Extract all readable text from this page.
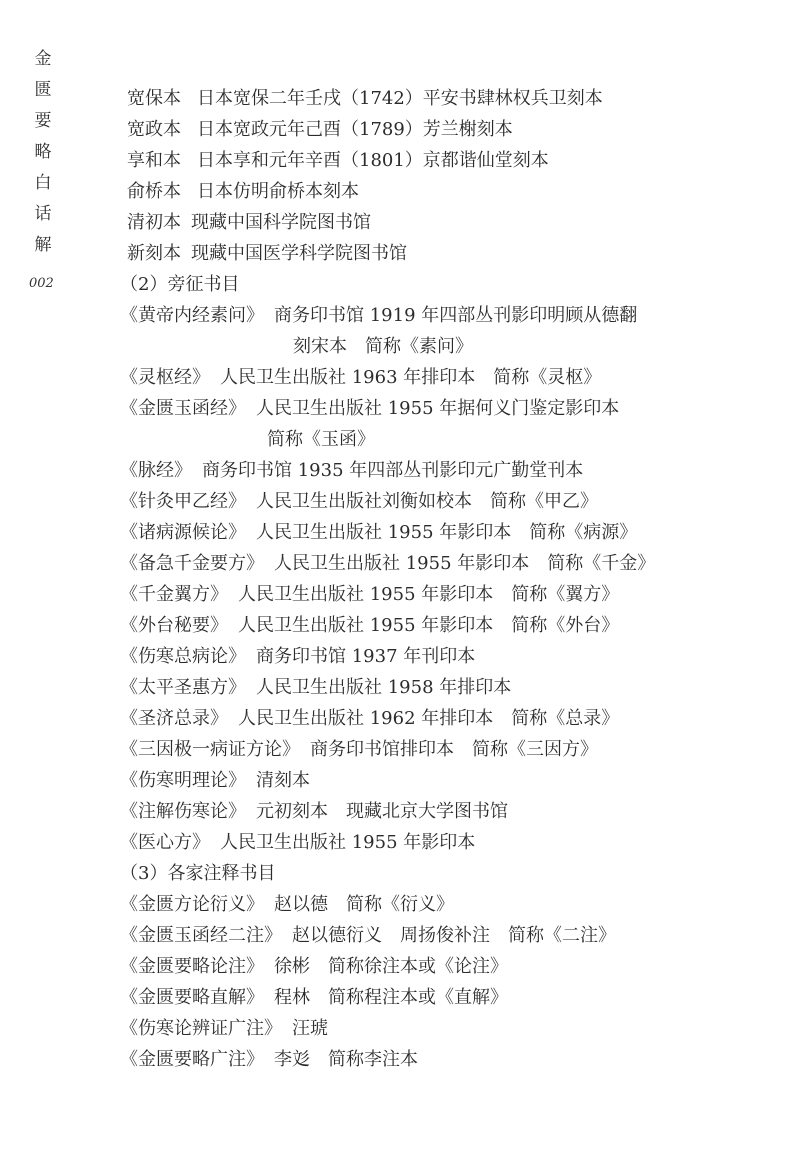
金
匮
要
略
白
话
解
002
宽保本 日本宽保二年壬戌（1742）平安书肆林权兵卫刻本
宽政本 日本宽政元年己酉（1789）芳兰榭刻本
享和本 日本享和元年辛酉（1801）京都谐仙堂刻本
俞桥本 日本仿明俞桥本刻本
清初本 现藏中国科学院图书馆
新刻本 现藏中国医学科学院图书馆
（2）旁征书目
《黄帝内经素问》 商务印书馆 1919 年四部丛刊影印明顾从德翻
刻宋本　简称《素问》
《灵枢经》 人民卫生出版社 1963 年排印本　简称《灵枢》
《金匮玉函经》 人民卫生出版社 1955 年据何义门鉴定影印本
简称《玉函》
《脉经》 商务印书馆 1935 年四部丛刊影印元广勤堂刊本
《针灸甲乙经》 人民卫生出版社刘衡如校本　简称《甲乙》
《诸病源候论》 人民卫生出版社 1955 年影印本　简称《病源》
《备急千金要方》 人民卫生出版社 1955 年影印本　简称《千金》
《千金翼方》 人民卫生出版社 1955 年影印本　简称《翼方》
《外台秘要》 人民卫生出版社 1955 年影印本　简称《外台》
《伤寒总病论》 商务印书馆 1937 年刊印本
《太平圣惠方》 人民卫生出版社 1958 年排印本
《圣济总录》 人民卫生出版社 1962 年排印本　简称《总录》
《三因极一病证方论》 商务印书馆排印本　简称《三因方》
《伤寒明理论》 清刻本
《注解伤寒论》 元初刻本　现藏北京大学图书馆
《医心方》 人民卫生出版社 1955 年影印本
（3）各家注释书目
《金匮方论衍义》 赵以德　简称《衍义》
《金匮玉函经二注》 赵以德衍义　周扬俊补注　简称《二注》
《金匮要略论注》 徐彬　简称徐注本或《论注》
《金匮要略直解》 程林　简称程注本或《直解》
《伤寒论辨证广注》 汪琥
《金匮要略广注》 李彣　简称李注本
